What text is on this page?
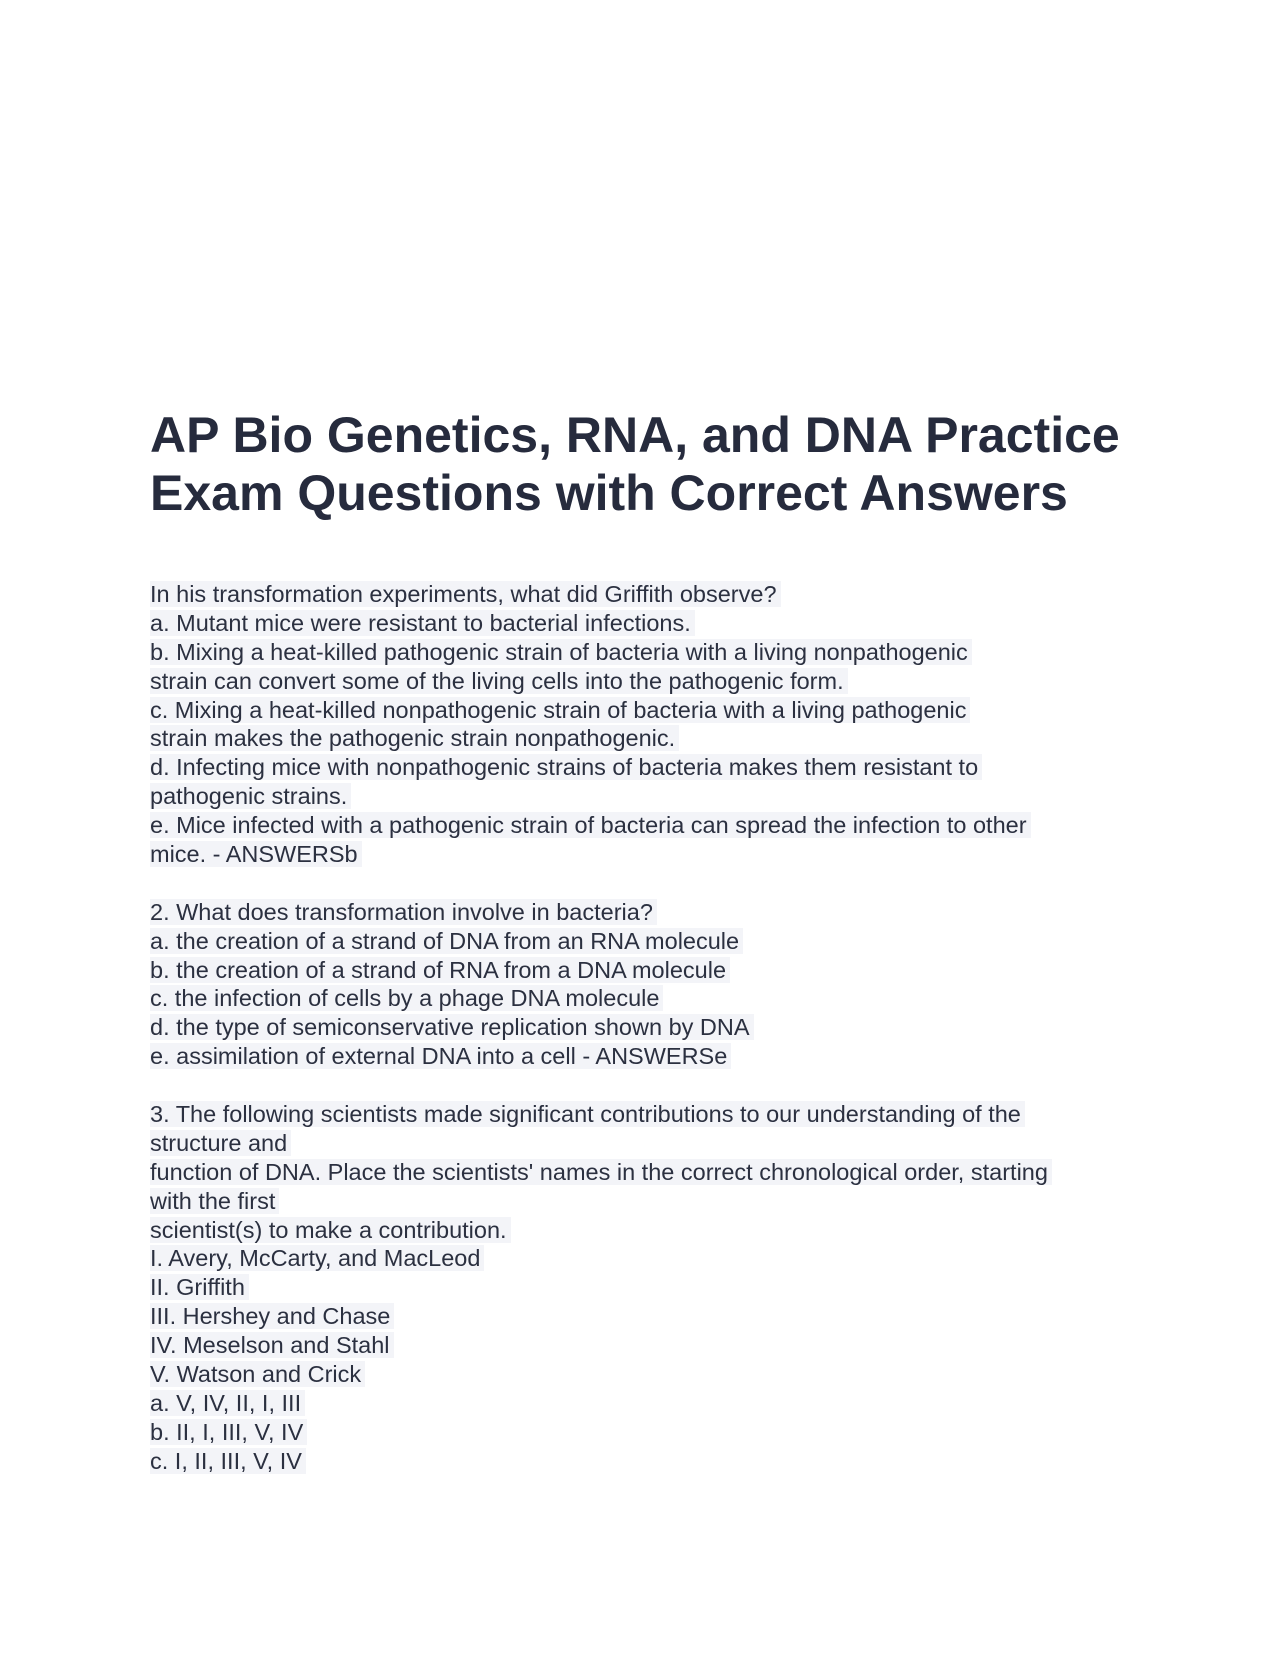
AP Bio Genetics, RNA, and DNA Practice
Exam Questions with Correct Answers
In his transformation experiments, what did Griffith observe?
a. Mutant mice were resistant to bacterial infections.
b. Mixing a heat-killed pathogenic strain of bacteria with a living nonpathogenic
strain can convert some of the living cells into the pathogenic form.
c. Mixing a heat-killed nonpathogenic strain of bacteria with a living pathogenic
strain makes the pathogenic strain nonpathogenic.
d. Infecting mice with nonpathogenic strains of bacteria makes them resistant to
pathogenic strains.
e. Mice infected with a pathogenic strain of bacteria can spread the infection to other
mice. - ANSWERSb
2. What does transformation involve in bacteria?
a. the creation of a strand of DNA from an RNA molecule
b. the creation of a strand of RNA from a DNA molecule
c. the infection of cells by a phage DNA molecule
d. the type of semiconservative replication shown by DNA
e. assimilation of external DNA into a cell - ANSWERSe
3. The following scientists made significant contributions to our understanding of the
structure and
function of DNA. Place the scientists' names in the correct chronological order, starting
with the first
scientist(s) to make a contribution.
I. Avery, McCarty, and MacLeod
II. Griffith
III. Hershey and Chase
IV. Meselson and Stahl
V. Watson and Crick
a. V, IV, II, I, III
b. II, I, III, V, IV
c. I, II, III, V, IV
